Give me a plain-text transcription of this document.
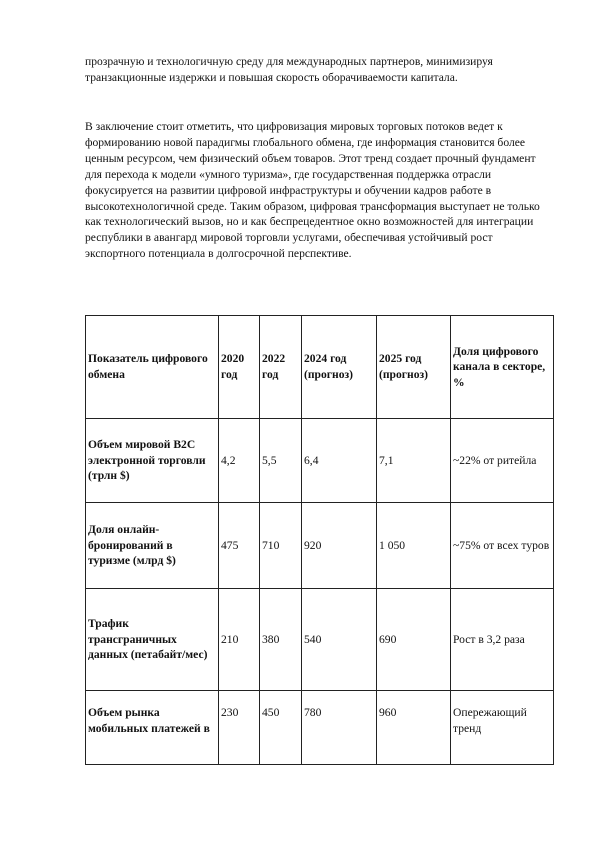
прозрачную и технологичную среду для международных партнеров, минимизируя транзакционные издержки и повышая скорость оборачиваемости капитала.

В заключение стоит отметить, что цифровизация мировых торговых потоков ведет к формированию новой парадигмы глобального обмена, где информация становится более ценным ресурсом, чем физический объем товаров. Этот тренд создает прочный фундамент для перехода к модели «умного туризма», где государственная поддержка отрасли фокусируется на развитии цифровой инфраструктуры и обучении кадров работе в высокотехнологичной среде. Таким образом, цифровая трансформация выступает не только как технологический вызов, но и как беспрецедентное окно возможностей для интеграции республики в авангард мировой торговли услугами, обеспечивая устойчивый рост экспортного потенциала в долгосрочной перспективе.

Показатель цифрового обмена	2020 год	2022 год	2024 год (прогноз)	2025 год (прогноз)	Доля цифрового канала в секторе, %
Объем мировой B2C электронной торговли (трлн $)	4,2	5,5	6,4	7,1	~22% от ритейла
Доля онлайн-бронирований в туризме (млрд $)	475	710	920	1 050	~75% от всех туров
Трафик трансграничных данных (петабайт/мес)	210	380	540	690	Рост в 3,2 раза
Объем рынка мобильных платежей в	230	450	780	960	Опережающий тренд
